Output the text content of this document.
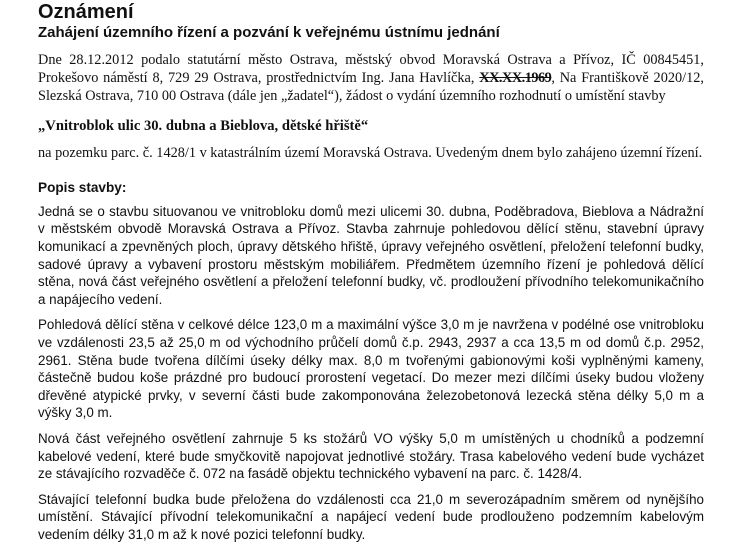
Oznámení
Zahájení územního řízení a pozvání k veřejnému ústnímu jednání

Dne 28.12.2012 podalo statutární město Ostrava, městský obvod Moravská Ostrava a Přívoz, IČ 00845451, Prokešovo náměstí 8, 729 29 Ostrava, prostřednictvím Ing. Jana Havlíčka, XX.XX.1969, Na Františkově 2020/12, Slezská Ostrava, 710 00 Ostrava (dále jen „žadatel“), žádost o vydání územního rozhodnutí o umístění stavby

„Vnitroblok ulic 30. dubna a Bieblova, dětské hřiště“

na pozemku parc. č. 1428/1 v katastrálním území Moravská Ostrava. Uvedeným dnem bylo zahájeno územní řízení.

Popis stavby:

Jedná se o stavbu situovanou ve vnitrobloku domů mezi ulicemi 30. dubna, Poděbradova, Bieblova a Nádražní v městském obvodě Moravská Ostrava a Přívoz. Stavba zahrnuje pohledovou dělící stěnu, stavební úpravy komunikací a zpevněných ploch, úpravy dětského hřiště, úpravy veřejného osvětlení, přeložení telefonní budky, sadové úpravy a vybavení prostoru městským mobiliářem. Předmětem územního řízení je pohledová dělící stěna, nová část veřejného osvětlení a přeložení telefonní budky, vč. prodloužení přívodního telekomunikačního a napájecího vedení.

Pohledová dělící stěna v celkové délce 123,0 m a maximální výšce 3,0 m je navržena v podélné ose vnitrobloku ve vzdálenosti 23,5 až 25,0 m od východního průčelí domů č.p. 2943, 2937 a cca 13,5 m od domů č.p. 2952, 2961. Stěna bude tvořena dílčími úseky délky max. 8,0 m tvořenými gabionovými koši vyplněnými kameny, částečně budou koše prázdné pro budoucí prorostení vegetací. Do mezer mezi dílčími úseky budou vloženy dřevěné atypické prvky, v severní části bude zakomponována železobetonová lezecká stěna délky 5,0 m a výšky 3,0 m.

Nová část veřejného osvětlení zahrnuje 5 ks stožárů VO výšky 5,0 m umístěných u chodníků a podzemní kabelové vedení, které bude smyčkovitě napojovat jednotlivé stožáry. Trasa kabelového vedení bude vycházet ze stávajícího rozvaděče č. 072 na fasádě objektu technického vybavení na parc. č. 1428/4.

Stávající telefonní budka bude přeložena do vzdálenosti cca 21,0 m severozápadním směrem od nynějšího umístění. Stávající přívodní telekomunikační a napájecí vedení bude prodlouženo podzemním kabelovým vedením délky 31,0 m až k nové pozici telefonní budky.
